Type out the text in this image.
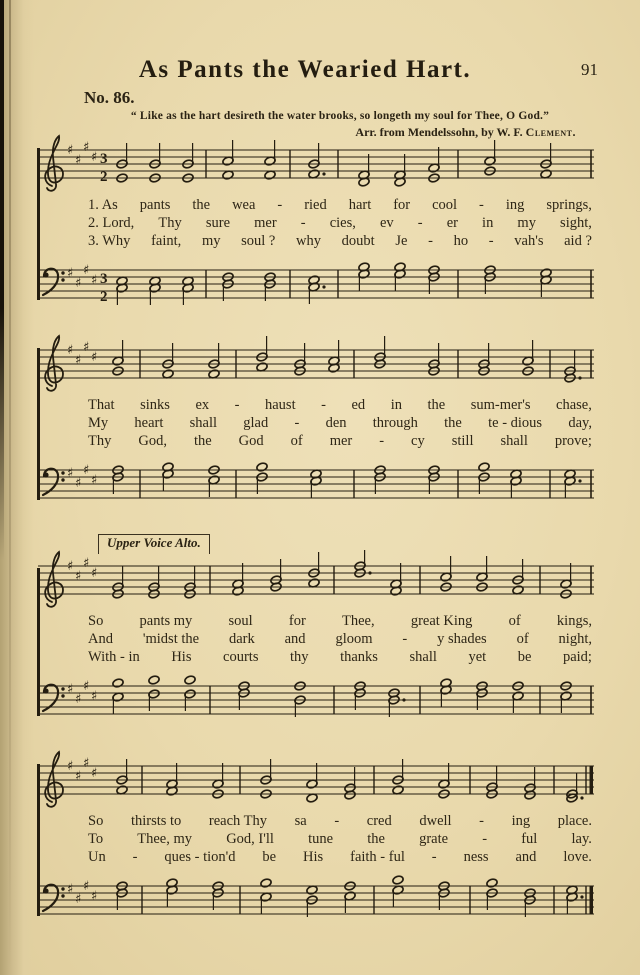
As Pants the Wearied Hart.	91
No. 86.
“ Like as the hart desireth the water brooks, so longeth my soul for Thee, O God.”
Arr. from Mendelssohn, by W. F. Clement.
♯
♯
♯
♯ 3
2
1. As pants the wea - ried hart for cool - ing springs,
2. Lord, Thy sure mer - cies, ev - er in my sight,
3. Why faint, my soul ? why doubt Je - ho - vah's aid ?
♯
♯
♯
♯ 3
2
♯
♯
♯
♯
That sinks ex - haust - ed in the sum-mer's chase,
My heart shall glad - den through the te - dious day,
Thy God, the God of mer - cy still shall prove;
♯
♯
♯
♯
Upper Voice Alto.
♯
♯
♯
♯
So pants my soul for Thee, great King of kings,
And 'midst the dark and gloom - y shades of night,
With - in His courts thy thanks shall yet be paid;
♯
♯
♯
♯
♯
♯
♯
♯
So thirsts to reach Thy sa - cred dwell - ing place.
To Thee, my God, I'll tune the grate - ful lay.
Un - ques - tion'd be His faith - ful - ness and love.
♯
♯
♯
♯
